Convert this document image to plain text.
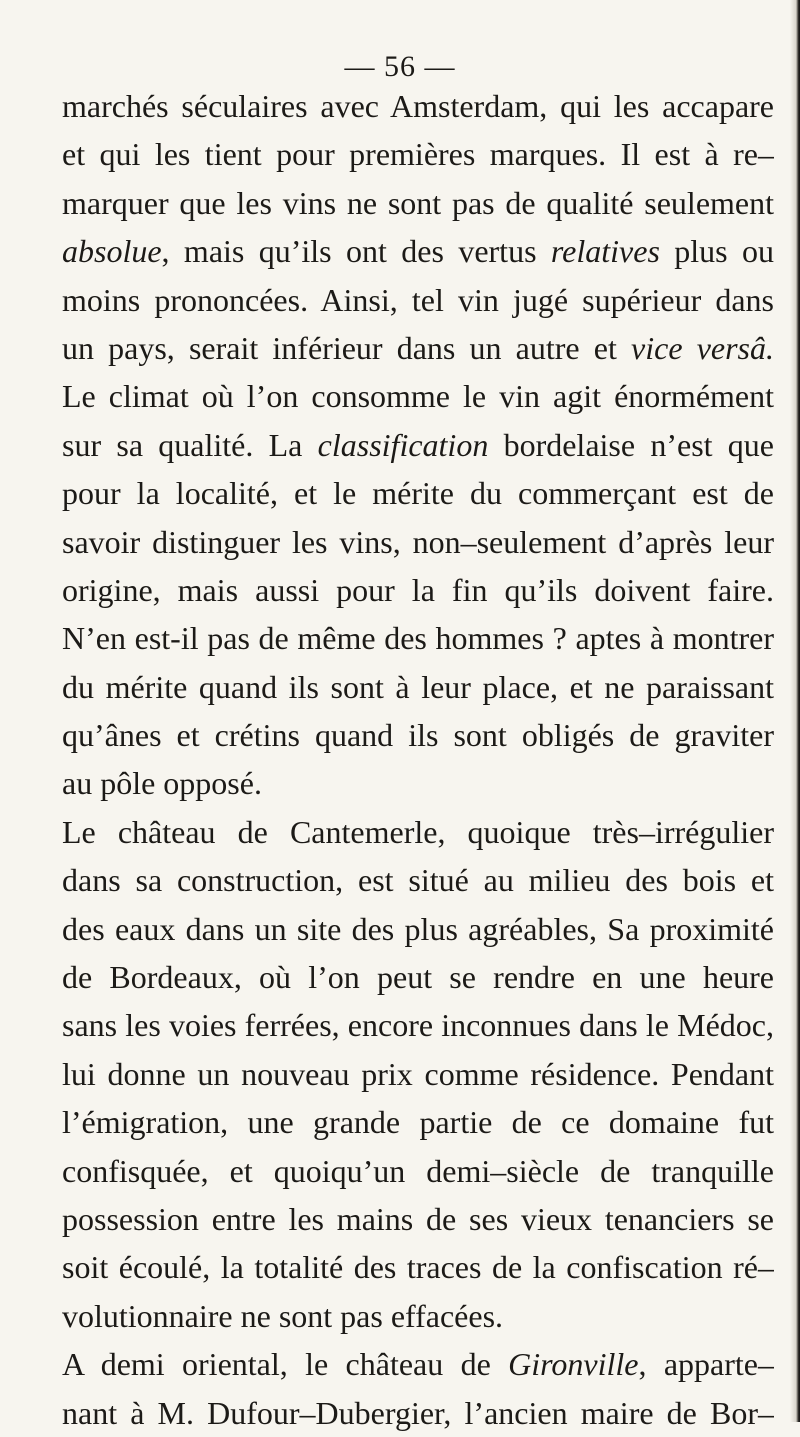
— 56 —
marchés séculaires avec Amsterdam, qui les accapare
et qui les tient pour premières marques. Il est à re–
marquer que les vins ne sont pas de qualité seulement
absolue, mais qu’ils ont des vertus relatives plus ou
moins prononcées. Ainsi, tel vin jugé supérieur dans
un pays, serait inférieur dans un autre et vice versâ.
Le climat où l’on consomme le vin agit énormément
sur sa qualité. La classification bordelaise n’est que
pour la localité, et le mérite du commerçant est de
savoir distinguer les vins, non–seulement d’après leur
origine, mais aussi pour la fin qu’ils doivent faire.
N’en est-il pas de même des hommes ? aptes à montrer
du mérite quand ils sont à leur place, et ne paraissant
qu’ânes et crétins quand ils sont obligés de graviter
au pôle opposé.
Le château de Cantemerle, quoique très–irrégulier
dans sa construction, est situé au milieu des bois et
des eaux dans un site des plus agréables, Sa proximité
de Bordeaux, où l’on peut se rendre en une heure
sans les voies ferrées, encore inconnues dans le Médoc,
lui donne un nouveau prix comme résidence. Pendant
l’émigration, une grande partie de ce domaine fut
confisquée, et quoiqu’un demi–siècle de tranquille
possession entre les mains de ses vieux tenanciers se
soit écoulé, la totalité des traces de la confiscation ré–
volutionnaire ne sont pas effacées.
A demi oriental, le château de Gironville, apparte–
nant à M. Dufour–Dubergier, l’ancien maire de Bor–
